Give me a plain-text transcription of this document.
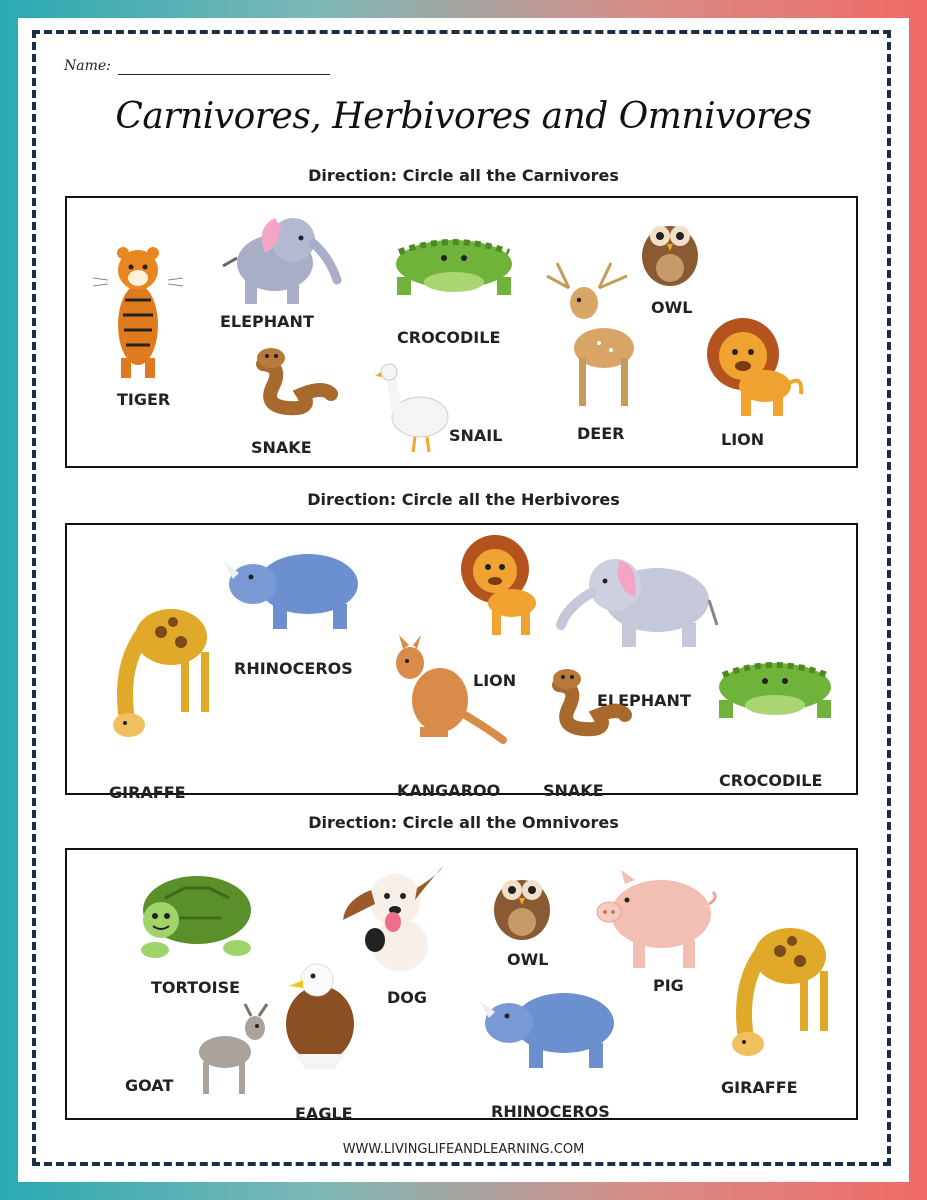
Name:
Carnivores, Herbivores and Omnivores
Direction: Circle all the Carnivores
TIGER
ELEPHANT
SNAKE
CROCODILE
SNAIL	DEER
OWL
LION
Direction: Circle all the Herbivores
GIRAFFE
RHINOCEROS
KANGAROO
LION
ELEPHANT
SNAKE
CROCODILE
Direction: Circle all the Omnivores
TORTOISE
GOAT
EAGLE
DOG
OWL
RHINOCEROS
PIG
GIRAFFE
WWW.LIVINGLIFEANDLEARNING.COM
